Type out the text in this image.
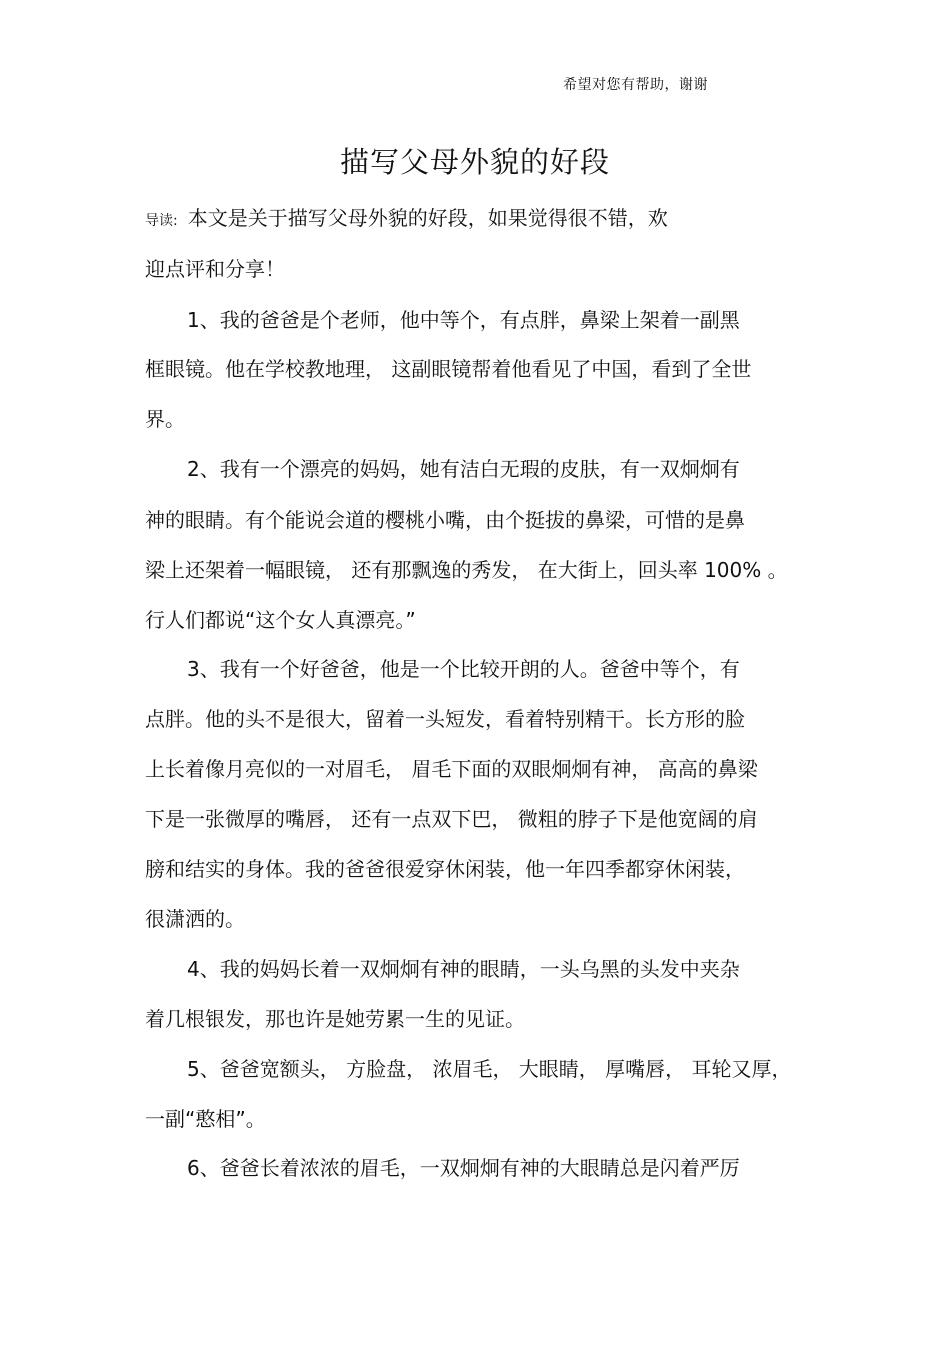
希望对您有帮助，谢谢
描写父母外貌的好段
导读: 本文是关于描写父母外貌的好段，如果觉得很不错，欢
迎点评和分享！
1、我的爸爸是个老师，他中等个，有点胖，鼻梁上架着一副黑
框眼镜。他在学校教地理， 这副眼镜帮着他看见了中国，看到了全世
界。
2、我有一个漂亮的妈妈，她有洁白无瑕的皮肤，有一双炯炯有
神的眼睛。有个能说会道的樱桃小嘴，由个挺拔的鼻梁，可惜的是鼻
梁上还架着一幅眼镜， 还有那飘逸的秀发， 在大街上，回头率 100% 。
行人们都说“这个女人真漂亮。”
3、我有一个好爸爸，他是一个比较开朗的人。爸爸中等个，有
点胖。他的头不是很大，留着一头短发，看着特别精干。长方形的脸
上长着像月亮似的一对眉毛， 眉毛下面的双眼炯炯有神， 高高的鼻梁
下是一张微厚的嘴唇， 还有一点双下巴， 微粗的脖子下是他宽阔的肩
膀和结实的身体。我的爸爸很爱穿休闲装，他一年四季都穿休闲装，
很潇洒的。
4、我的妈妈长着一双炯炯有神的眼睛，一头乌黑的头发中夹杂
着几根银发，那也许是她劳累一生的见证。
5、爸爸宽额头， 方脸盘， 浓眉毛， 大眼睛， 厚嘴唇， 耳轮又厚，
一副“憨相”。
6、爸爸长着浓浓的眉毛，一双炯炯有神的大眼睛总是闪着严厉
